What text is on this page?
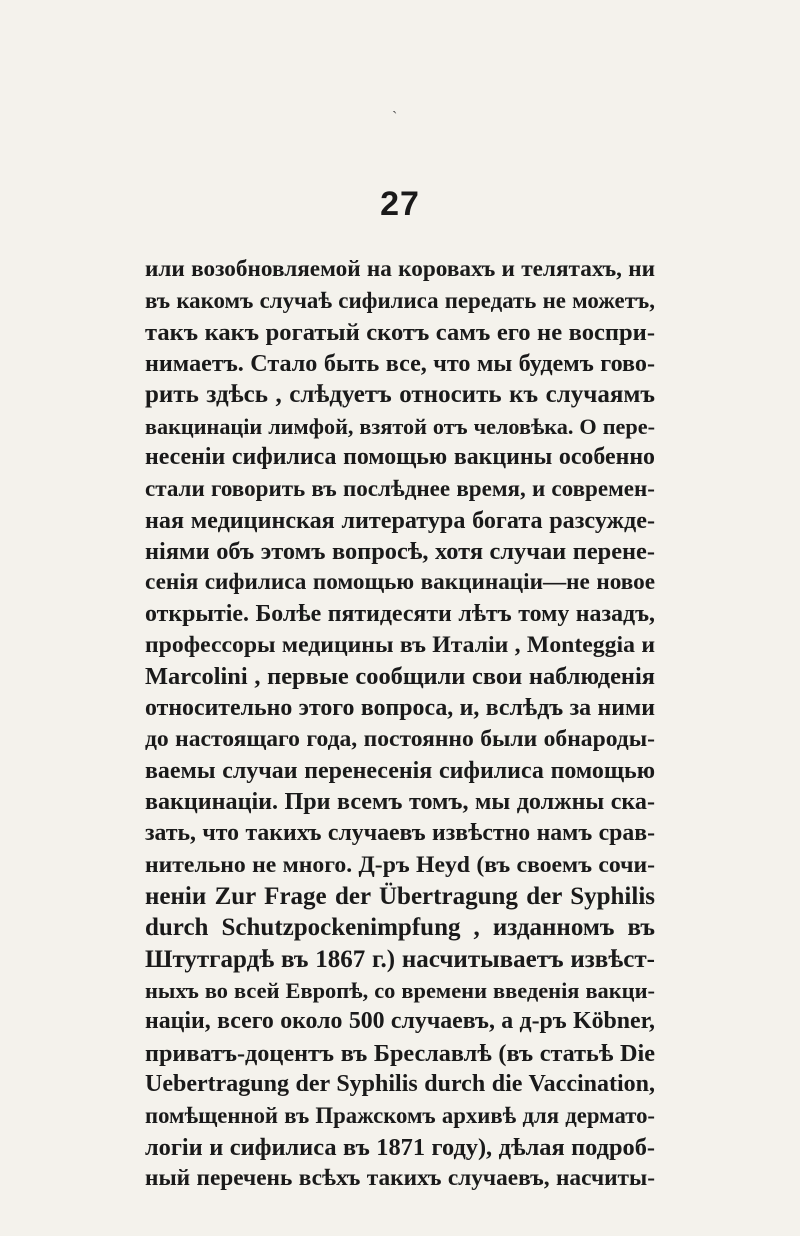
`
27
или возобновляемой на коровахъ и телятахъ, ни
въ какомъ случаѣ сифилиса передать не можетъ,
такъ какъ рогатый скотъ самъ его не воспри-
нимаетъ. Стало быть все, что мы будемъ гово-
рить здѣсь , слѣдуетъ относить къ случаямъ
вакцинаціи лимфой, взятой отъ человѣка. О пере-
несеніи сифилиса помощью вакцины особенно
стали говорить въ послѣднее время, и современ-
ная медицинская литература богата разсужде-
ніями объ этомъ вопросѣ, хотя случаи перене-
сенія сифилиса помощью вакцинаціи—не новое
открытіе. Болѣе пятидесяти лѣтъ тому назадъ,
профессоры медицины въ Италіи , Monteggia и
Marcolini , первые сообщили свои наблюденія
относительно этого вопроса, и, вслѣдъ за ними
до настоящаго года, постоянно были обнароды-
ваемы случаи перенесенія сифилиса помощью
вакцинаціи. При всемъ томъ, мы должны ска-
зать, что такихъ случаевъ извѣстно намъ срав-
нительно не много. Д-ръ Heyd (въ своемъ сочи-
неніи Zur Frage der Übertragung der Syphilis
durch Schutzpockenimpfung , изданномъ въ
Штутгардѣ въ 1867 г.) насчитываетъ извѣст-
ныхъ во всей Европѣ, со времени введенія вакци-
націи, всего около 500 случаевъ, а д-ръ Köbner,
приватъ-доцентъ въ Бреславлѣ (въ статьѣ Die
Uebertragung der Syphilis durch die Vaccination,
помѣщенной въ Пражскомъ архивѣ для дермато-
логіи и сифилиса въ 1871 году), дѣлая подроб-
ный перечень всѣхъ такихъ случаевъ, насчиты-
